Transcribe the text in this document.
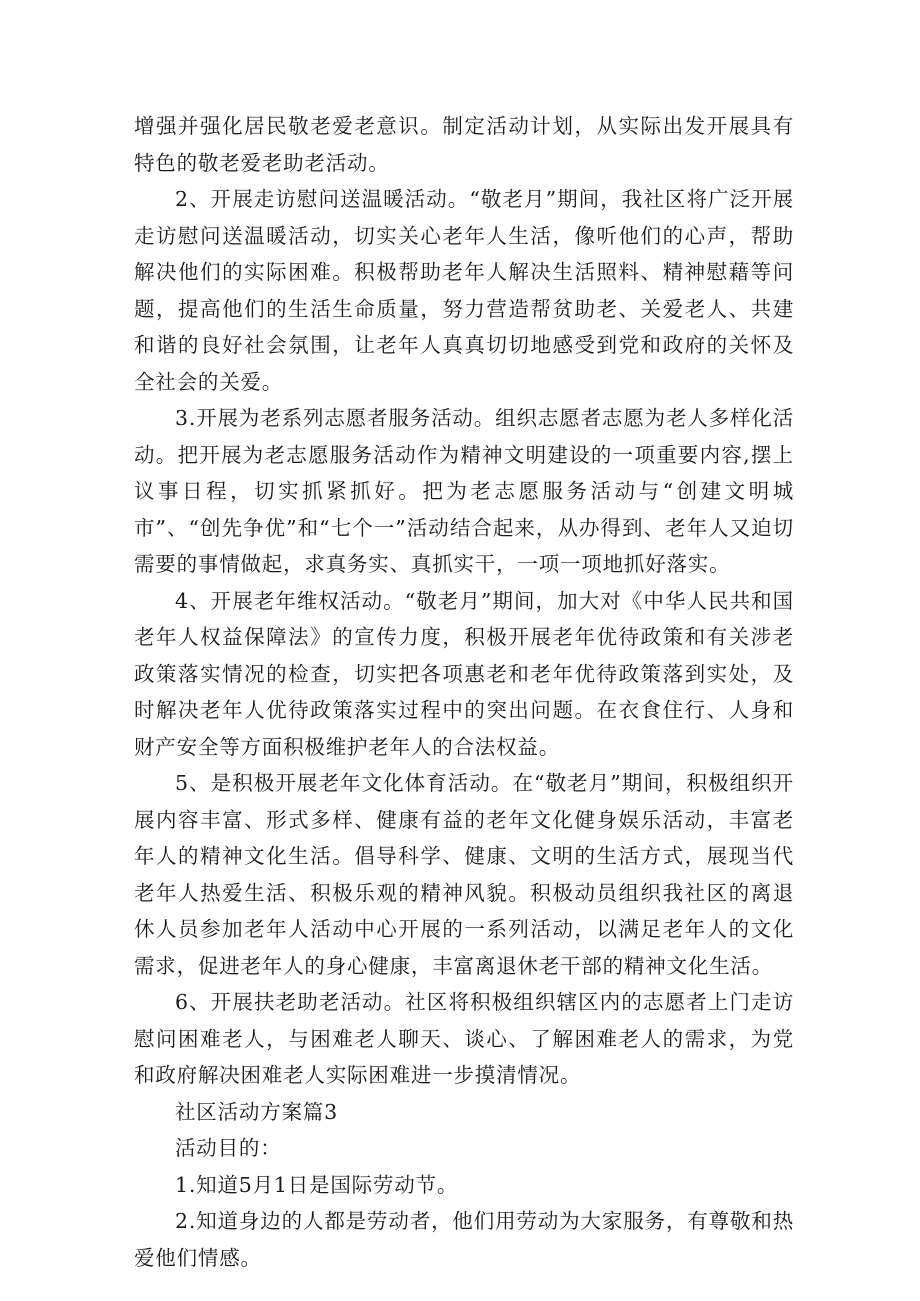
增强并强化居民敬老爱老意识。制定活动计划，从实际出发开展具有特色的敬老爱老助老活动。

2、开展走访慰问送温暖活动。“敬老月”期间，我社区将广泛开展走访慰问送温暖活动，切实关心老年人生活，像听他们的心声，帮助解决他们的实际困难。积极帮助老年人解决生活照料、精神慰藉等问题，提高他们的生活生命质量，努力营造帮贫助老、关爱老人、共建和谐的良好社会氛围，让老年人真真切切地感受到党和政府的关怀及全社会的关爱。

3.开展为老系列志愿者服务活动。组织志愿者志愿为老人多样化活动。把开展为老志愿服务活动作为精神文明建设的一项重要内容,摆上议事日程，切实抓紧抓好。把为老志愿服务活动与“创建文明城市”、“创先争优”和“七个一”活动结合起来，从办得到、老年人又迫切需要的事情做起，求真务实、真抓实干，一项一项地抓好落实。

4、开展老年维权活动。“敬老月”期间，加大对《中华人民共和国老年人权益保障法》的宣传力度，积极开展老年优待政策和有关涉老政策落实情况的检查，切实把各项惠老和老年优待政策落到实处，及时解决老年人优待政策落实过程中的突出问题。在衣食住行、人身和财产安全等方面积极维护老年人的合法权益。

5、是积极开展老年文化体育活动。在“敬老月”期间，积极组织开展内容丰富、形式多样、健康有益的老年文化健身娱乐活动，丰富老年人的精神文化生活。倡导科学、健康、文明的生活方式，展现当代老年人热爱生活、积极乐观的精神风貌。积极动员组织我社区的离退休人员参加老年人活动中心开展的一系列活动，以满足老年人的文化需求，促进老年人的身心健康，丰富离退休老干部的精神文化生活。

6、开展扶老助老活动。社区将积极组织辖区内的志愿者上门走访慰问困难老人，与困难老人聊天、谈心、了解困难老人的需求，为党和政府解决困难老人实际困难进一步摸清情况。

社区活动方案篇3

活动目的：

1.知道5月1日是国际劳动节。

2.知道身边的人都是劳动者，他们用劳动为大家服务，有尊敬和热爱他们情感。
